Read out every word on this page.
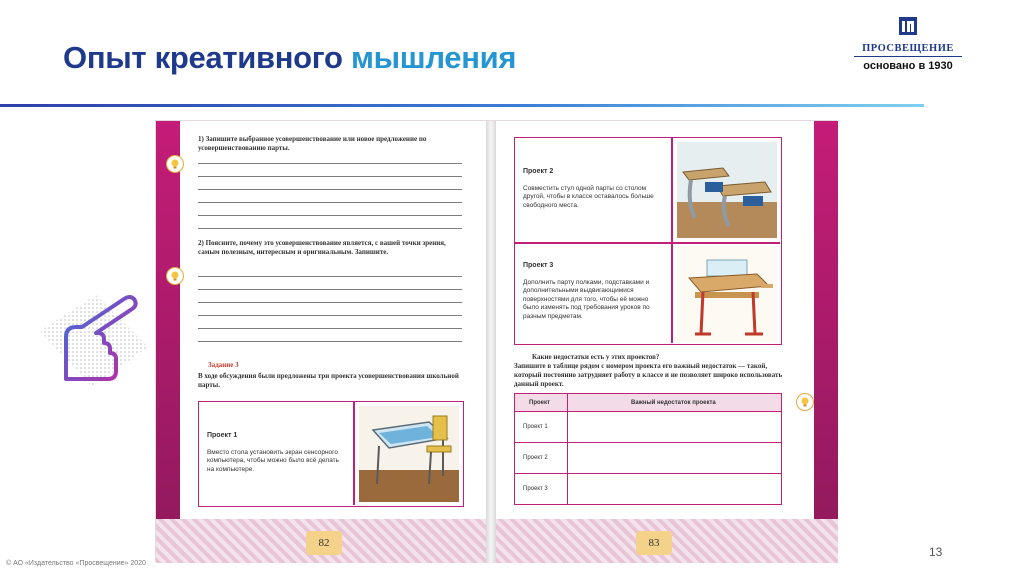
Опыт креативного мышления	ПРОСВЕЩЕНИЕ
основано в 1930
1) Запишите выбранное усовершенствование или новое предложение по усовершенствованию парты.
2) Поясните, почему это усовершенствование является, с вашей точки зрения, самым полезным, интересным и оригинальным. Запишите.
Задание 3
В ходе обсуждения были предложены три проекта усовершенствования школьной парты.
Проект 1
Вместо стола установить экран сенсорного компьютера, чтобы можно было всё делать на компьютере.
82
Проект 2
Совместить стул одной парты со столом другой, чтобы в классе оставалось больше свободного места.
Проект 3
Дополнить парту полками, подставками и дополнительными выдвигающимися поверхностями для того, чтобы её можно было изменять под требования уроков по разным предметам.
Какие недостатки есть у этих проектов?
Запишите в таблице рядом с номером проекта его важный недостаток — такой, который постоянно затрудняет работу в классе и не позволяет широко использовать данный проект.
Проект	Важный недостаток проекта
Проект 1
Проект 2
Проект 3
83
© АО «Издательство «Просвещение» 2020
13
